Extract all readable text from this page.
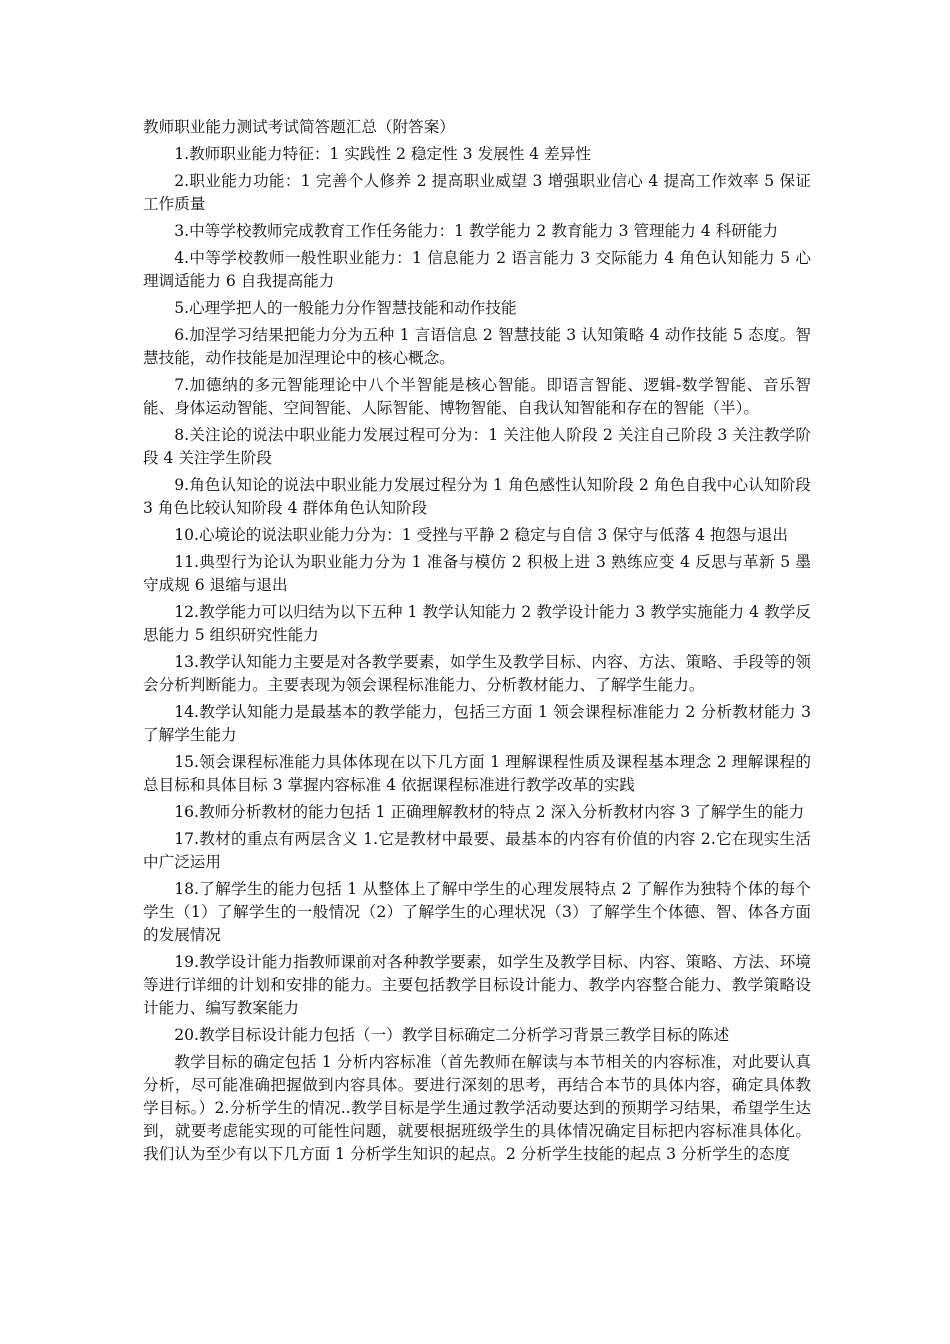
教师职业能力测试考试简答题汇总（附答案）

1.教师职业能力特征：1 实践性 2 稳定性 3 发展性 4 差异性

2.职业能力功能：1 完善个人修养 2 提高职业威望 3 增强职业信心 4 提高工作效率 5 保证工作质量

3.中等学校教师完成教育工作任务能力：1 教学能力 2 教育能力 3 管理能力 4 科研能力

4.中等学校教师一般性职业能力：1 信息能力 2 语言能力 3 交际能力 4 角色认知能力 5 心理调适能力 6 自我提高能力

5.心理学把人的一般能力分作智慧技能和动作技能

6.加涅学习结果把能力分为五种 1 言语信息 2 智慧技能 3 认知策略 4 动作技能 5 态度。智慧技能，动作技能是加涅理论中的核心概念。

7.加德纳的多元智能理论中八个半智能是核心智能。即语言智能、逻辑-数学智能、音乐智能、身体运动智能、空间智能、人际智能、博物智能、自我认知智能和存在的智能（半）。

8.关注论的说法中职业能力发展过程可分为：1 关注他人阶段 2 关注自己阶段 3 关注教学阶段 4 关注学生阶段

9.角色认知论的说法中职业能力发展过程分为 1 角色感性认知阶段 2 角色自我中心认知阶段 3 角色比较认知阶段 4 群体角色认知阶段

10.心境论的说法职业能力分为：1 受挫与平静 2 稳定与自信 3 保守与低落 4 抱怨与退出

11.典型行为论认为职业能力分为 1 准备与模仿 2 积极上进 3 熟练应变 4 反思与革新 5 墨守成规 6 退缩与退出

12.教学能力可以归结为以下五种 1 教学认知能力 2 教学设计能力 3 教学实施能力 4 教学反思能力 5 组织研究性能力

13.教学认知能力主要是对各教学要素，如学生及教学目标、内容、方法、策略、手段等的领会分析判断能力。主要表现为领会课程标准能力、分析教材能力、了解学生能力。

14.教学认知能力是最基本的教学能力，包括三方面 1 领会课程标准能力 2 分析教材能力 3 了解学生能力

15.领会课程标准能力具体体现在以下几方面 1 理解课程性质及课程基本理念 2 理解课程的总目标和具体目标 3 掌握内容标准 4 依据课程标准进行教学改革的实践

16.教师分析教材的能力包括 1 正确理解教材的特点 2 深入分析教材内容 3 了解学生的能力

17.教材的重点有两层含义 1.它是教材中最要、最基本的内容有价值的内容 2.它在现实生活中广泛运用

18.了解学生的能力包括 1 从整体上了解中学生的心理发展特点 2 了解作为独特个体的每个学生（1）了解学生的一般情况（2）了解学生的心理状况（3）了解学生个体德、智、体各方面的发展情况

19.教学设计能力指教师课前对各种教学要素，如学生及教学目标、内容、策略、方法、环境等进行详细的计划和安排的能力。主要包括教学目标设计能力、教学内容整合能力、教学策略设计能力、编写教案能力

20.教学目标设计能力包括（一）教学目标确定二分析学习背景三教学目标的陈述

教学目标的确定包括 1 分析内容标准（首先教师在解读与本节相关的内容标准，对此要认真分析，尽可能准确把握做到内容具体。要进行深刻的思考，再结合本节的具体内容，确定具体教学目标。）2.分析学生的情况..教学目标是学生通过教学活动要达到的预期学习结果，希望学生达到，就要考虑能实现的可能性问题，就要根据班级学生的具体情况确定目标把内容标准具体化。我们认为至少有以下几方面 1 分析学生知识的起点。2 分析学生技能的起点 3 分析学生的态度
